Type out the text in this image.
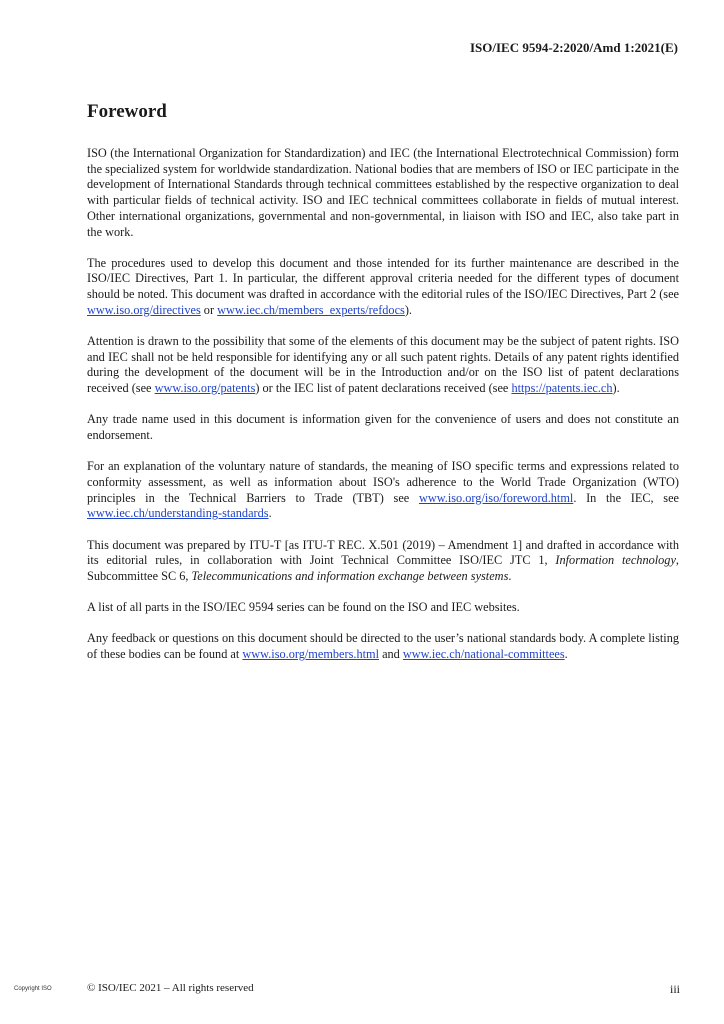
ISO/IEC 9594-2:2020/Amd 1:2021(E)
Foreword

ISO (the International Organization for Standardization) and IEC (the International Electrotechnical Commission) form the specialized system for worldwide standardization. National bodies that are members of ISO or IEC participate in the development of International Standards through technical committees established by the respective organization to deal with particular fields of technical activity. ISO and IEC technical committees collaborate in fields of mutual interest. Other international organizations, governmental and non-governmental, in liaison with ISO and IEC, also take part in the work.

The procedures used to develop this document and those intended for its further maintenance are described in the ISO/IEC Directives, Part 1. In particular, the different approval criteria needed for the different types of document should be noted. This document was drafted in accordance with the editorial rules of the ISO/IEC Directives, Part 2 (see www.iso.org/directives or www.iec.ch/members_experts/refdocs).

Attention is drawn to the possibility that some of the elements of this document may be the subject of patent rights. ISO and IEC shall not be held responsible for identifying any or all such patent rights. Details of any patent rights identified during the development of the document will be in the Introduction and/or on the ISO list of patent declarations received (see www.iso.org/patents) or the IEC list of patent declarations received (see https://patents.iec.ch).

Any trade name used in this document is information given for the convenience of users and does not constitute an endorsement.

For an explanation of the voluntary nature of standards, the meaning of ISO specific terms and expressions related to conformity assessment, as well as information about ISO's adherence to the World Trade Organization (WTO) principles in the Technical Barriers to Trade (TBT) see www.iso.org/iso/foreword.html. In the IEC, see www.iec.ch/understanding-standards.

This document was prepared by ITU-T [as ITU-T REC. X.501 (2019) – Amendment 1] and drafted in accordance with its editorial rules, in collaboration with Joint Technical Committee ISO/IEC JTC 1, Information technology, Subcommittee SC 6, Telecommunications and information exchange between systems.

A list of all parts in the ISO/IEC 9594 series can be found on the ISO and IEC websites.

Any feedback or questions on this document should be directed to the user’s national standards body. A complete listing of these bodies can be found at www.iso.org/members.html and www.iec.ch/national-committees.

Copyright ISO	© ISO/IEC 2021 – All rights reserved	iii
